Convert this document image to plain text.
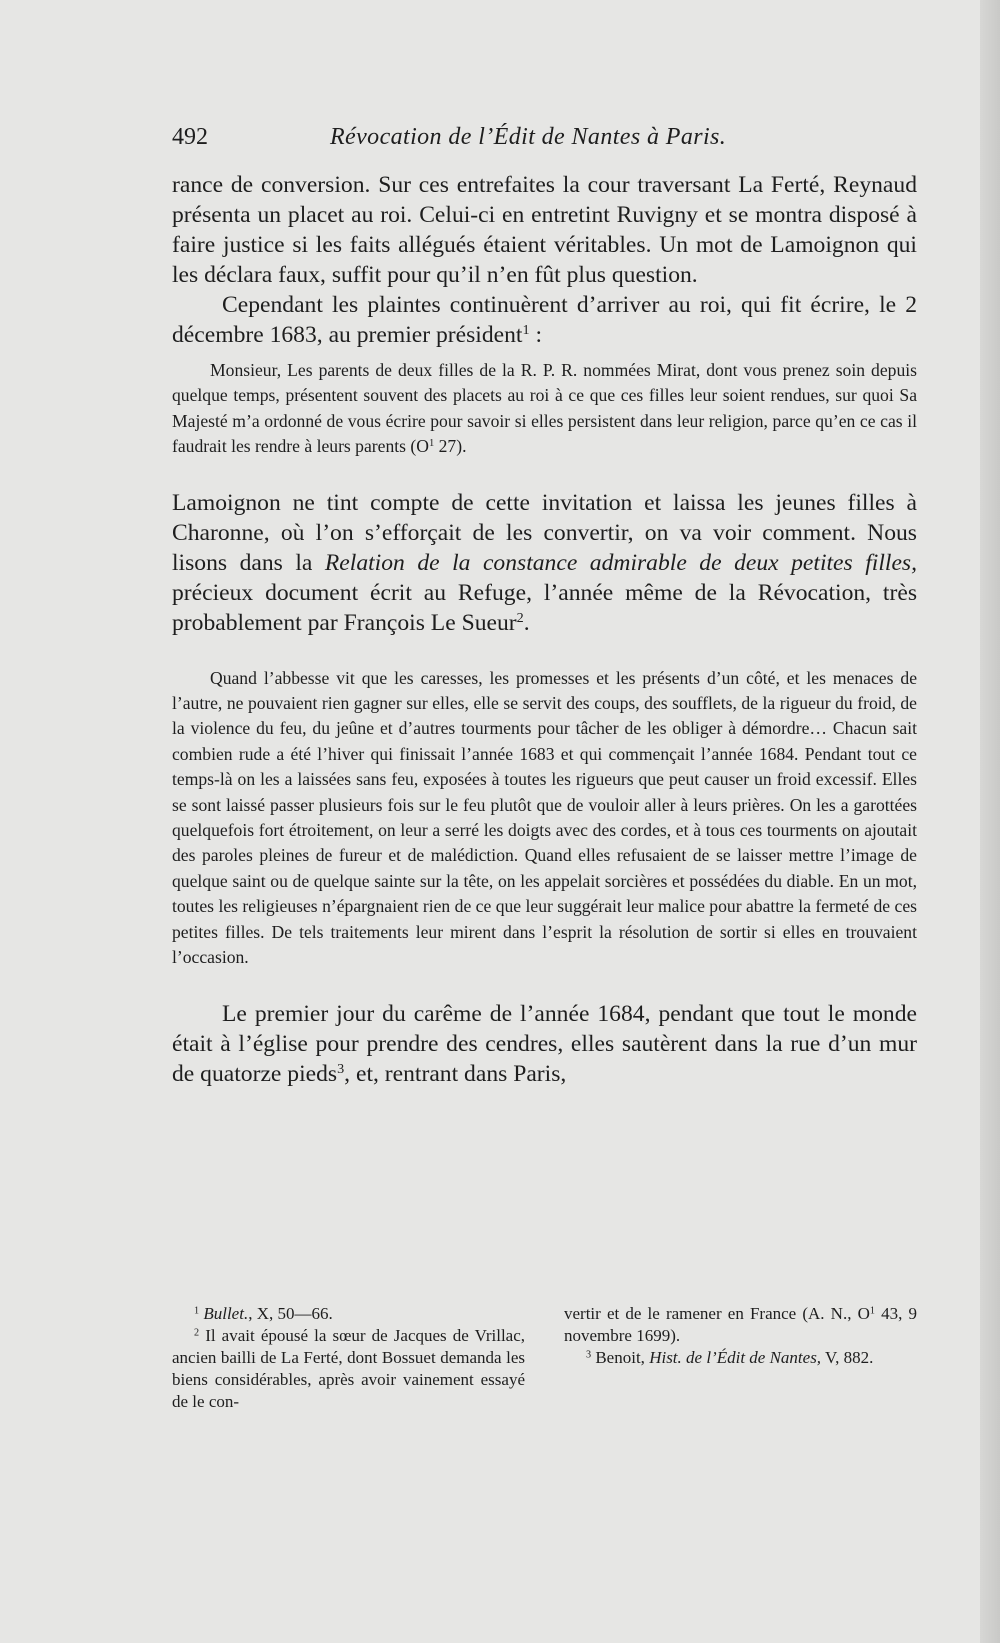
492	Révocation de l’Édit de Nantes à Paris.

rance de conversion. Sur ces entrefaites la cour traversant La Ferté, Reynaud présenta un placet au roi. Celui-ci en entretint Ruvigny et se montra disposé à faire justice si les faits allégués étaient véritables. Un mot de Lamoignon qui les déclara faux, suffit pour qu’il n’en fût plus question.

Cependant les plaintes continuèrent d’arriver au roi, qui fit écrire, le 2 décembre 1683, au premier président$^1$ :

Monsieur, Les parents de deux filles de la R. P. R. nommées Mirat, dont vous prenez soin depuis quelque temps, présentent souvent des placets au roi à ce que ces filles leur soient rendues, sur quoi Sa Majesté m’a ordonné de vous écrire pour savoir si elles persistent dans leur religion, parce qu’en ce cas il faudrait les rendre à leurs parents ($O^1$ 27).

Lamoignon ne tint compte de cette invitation et laissa les jeunes filles à Charonne, où l’on s’efforçait de les convertir, on va voir comment. Nous lisons dans la Relation de la constance admirable de deux petites filles, précieux document écrit au Refuge, l’année même de la Révocation, très probablement par François Le Sueur$^2$.

Quand l’abbesse vit que les caresses, les promesses et les présents d’un côté, et les menaces de l’autre, ne pouvaient rien gagner sur elles, elle se servit des coups, des soufflets, de la rigueur du froid, de la violence du feu, du jeûne et d’autres tourments pour tâcher de les obliger à démordre… Chacun sait combien rude a été l’hiver qui finissait l’année 1683 et qui commençait l’année 1684. Pendant tout ce temps-là on les a laissées sans feu, exposées à toutes les rigueurs que peut causer un froid excessif. Elles se sont laissé passer plusieurs fois sur le feu plutôt que de vouloir aller à leurs prières. On les a garottées quelquefois fort étroitement, on leur a serré les doigts avec des cordes, et à tous ces tourments on ajoutait des paroles pleines de fureur et de malédiction. Quand elles refusaient de se laisser mettre l’image de quelque saint ou de quelque sainte sur la tête, on les appelait sorcières et possédées du diable. En un mot, toutes les religieuses n’épargnaient rien de ce que leur suggérait leur malice pour abattre la fermeté de ces petites filles. De tels traitements leur mirent dans l’esprit la résolution de sortir si elles en trouvaient l’occasion.

Le premier jour du carême de l’année 1684, pendant que tout le monde était à l’église pour prendre des cendres, elles sautèrent dans la rue d’un mur de quatorze pieds$^3$, et, rentrant dans Paris,

$^1$ Bullet., X, 50—66.

$^2$ Il avait épousé la sœur de Jacques de Vrillac, ancien bailli de La Ferté, dont Bossuet demanda les biens considérables, après avoir vainement essayé de le con-

vertir et de le ramener en France (A. N., $O^1$ 43, 9 novembre 1699).

$^3$ Benoit, Hist. de l’Édit de Nantes, V, 882.
